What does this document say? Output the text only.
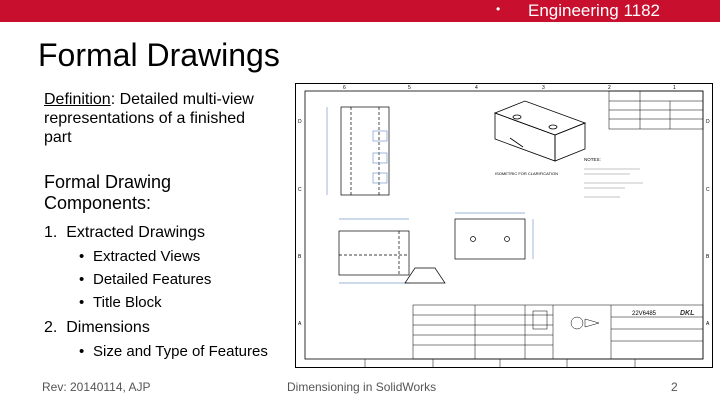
• Engineering 1182
Formal Drawings
Definition: Detailed multi-view representations of a finished part
Formal Drawing Components:
1. Extracted Drawings
• Extracted Views
• Detailed Features
• Title Block
2. Dimensions
• Size and Type of Features
6	5	4	3	2	1
D
C
B
A
D
C
B
A
ISOMETRIC FOR CLARIFICATION
NOTES:
22V6485	DKL
Rev: 20140114, AJP	Dimensioning in SolidWorks	2
